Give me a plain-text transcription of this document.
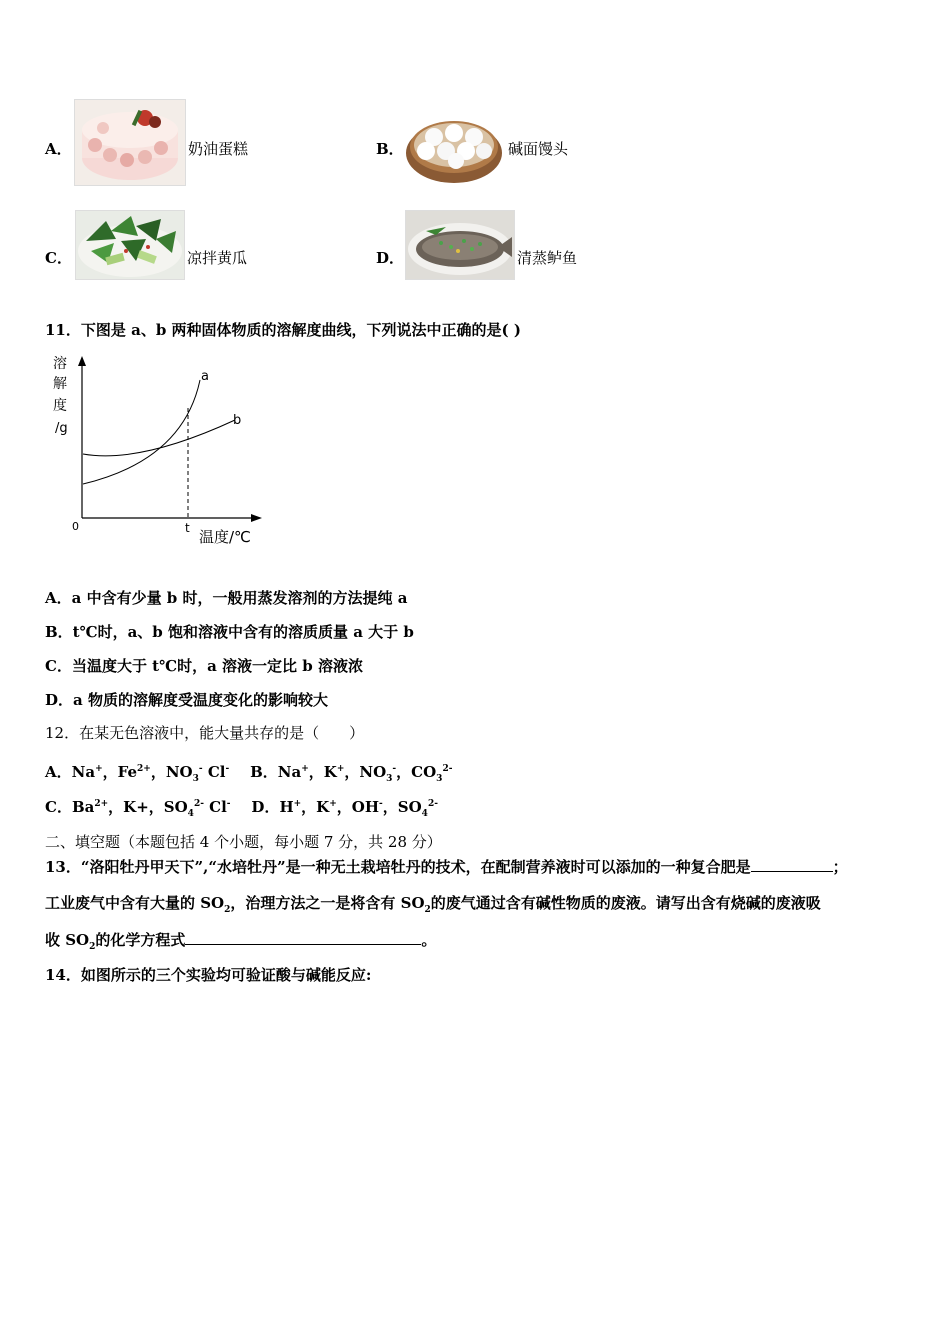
A．	奶油蛋糕	B．	碱面馒头
C．	凉拌黄瓜	D．	清蒸鲈鱼
11．下图是 a、b 两种固体物质的溶解度曲线，下列说法中正确的是( )
溶
解
度
/g
0
b
a
t 温度/℃
A．a 中含有少量 b 时，一般用蒸发溶剂的方法提纯 a
B．t℃时，a、b 饱和溶液中含有的溶质质量 a 大于 b
C．当温度大于 t℃时，a 溶液一定比 b 溶液浓
D．a 物质的溶解度受温度变化的影响较大
12．在某无色溶液中，能大量共存的是（　　）
A．Na+，$Fe^{2+}$，$NO_3^-$ Cl-    B．Na+，K+，$NO_3^-$，$CO_3^{2-}$
C．$Ba^{2+}$，K+，$SO_4^{2-}$ Cl-    D．H+，K+，OH-，$SO_4^{2-}$
二、填空题（本题包括 4 个小题，每小题 7 分，共 28 分）
13．“洛阳牡丹甲天下”,“水培牡丹”是一种无土栽培牡丹的技术，在配制营养液时可以添加的一种复合肥是	；
工业废气中含有大量的 $SO_2$，治理方法之一是将含有 $SO_2$的废气通过含有碱性物质的废液。请写出含有烧碱的废液吸
收 $SO_2$的化学方程式	。
14．如图所示的三个实验均可验证酸与碱能反应:
